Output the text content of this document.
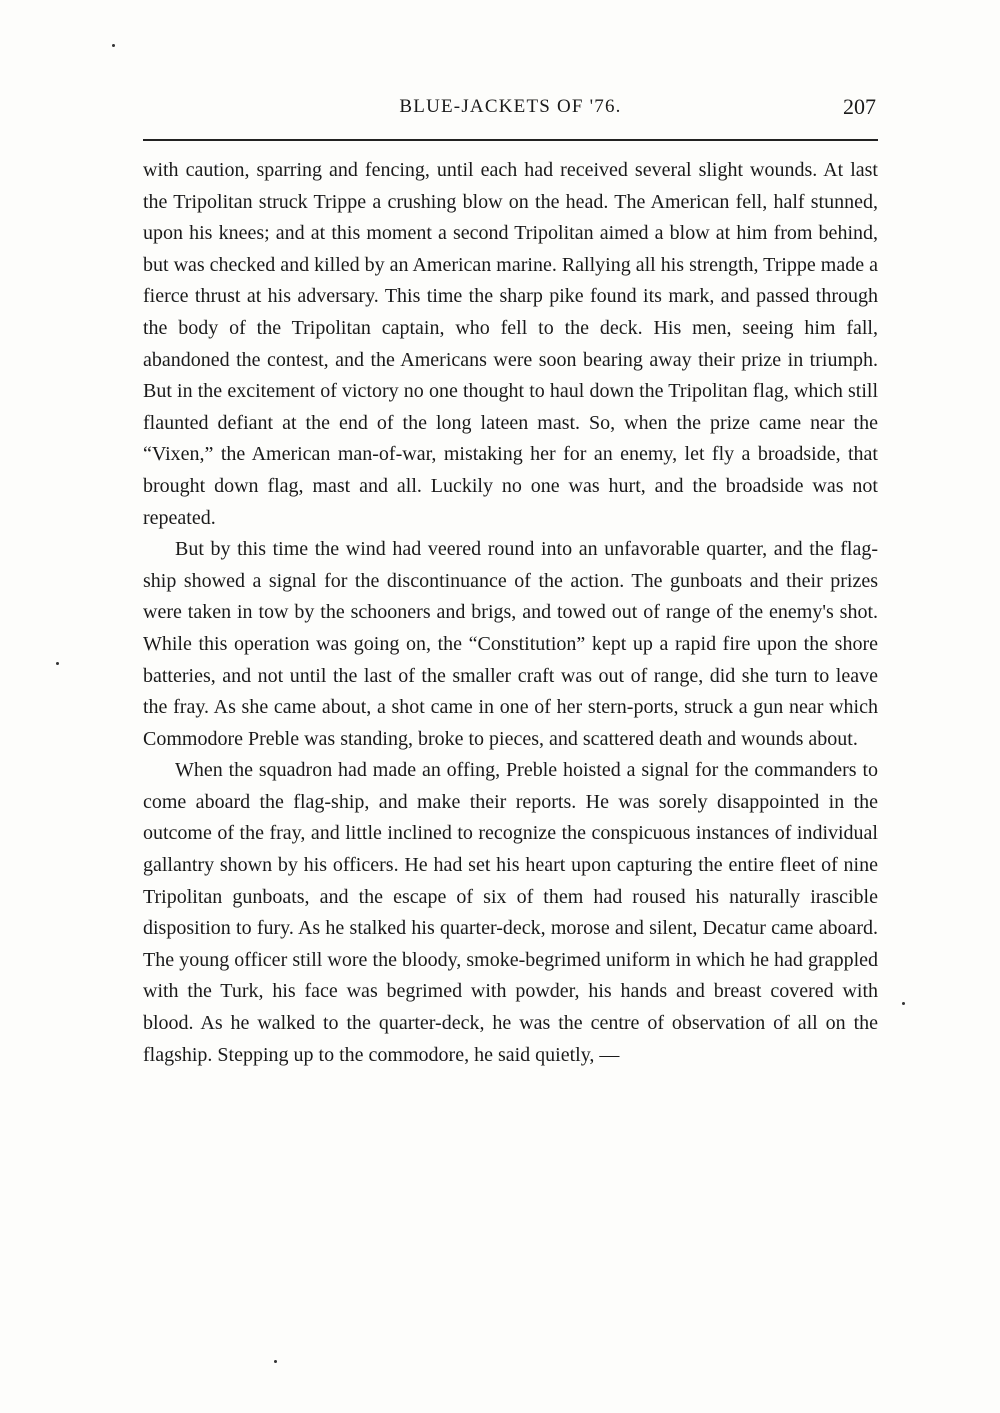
BLUE-JACKETS OF '76.	207

with caution, sparring and fencing, until each had received several slight wounds. At last the Tripolitan struck Trippe a crushing blow on the head. The American fell, half stunned, upon his knees; and at this moment a second Tripolitan aimed a blow at him from behind, but was checked and killed by an American marine. Rallying all his strength, Trippe made a fierce thrust at his adversary. This time the sharp pike found its mark, and passed through the body of the Tripolitan captain, who fell to the deck. His men, seeing him fall, abandoned the contest, and the Americans were soon bearing away their prize in triumph. But in the excitement of victory no one thought to haul down the Tripolitan flag, which still flaunted defiant at the end of the long lateen mast. So, when the prize came near the “Vixen,” the American man-of-war, mistaking her for an enemy, let fly a broadside, that brought down flag, mast and all. Luckily no one was hurt, and the broadside was not repeated.

But by this time the wind had veered round into an unfavorable quarter, and the flag-ship showed a signal for the discontinuance of the action. The gunboats and their prizes were taken in tow by the schooners and brigs, and towed out of range of the enemy's shot. While this operation was going on, the “Constitution” kept up a rapid fire upon the shore batteries, and not until the last of the smaller craft was out of range, did she turn to leave the fray. As she came about, a shot came in one of her stern-ports, struck a gun near which Commodore Preble was standing, broke to pieces, and scattered death and wounds about.

When the squadron had made an offing, Preble hoisted a signal for the commanders to come aboard the flag-ship, and make their reports. He was sorely disappointed in the outcome of the fray, and little inclined to recognize the conspicuous instances of individual gallantry shown by his officers. He had set his heart upon capturing the entire fleet of nine Tripolitan gunboats, and the escape of six of them had roused his naturally irascible disposition to fury. As he stalked his quarter-deck, morose and silent, Decatur came aboard. The young officer still wore the bloody, smoke-begrimed uniform in which he had grappled with the Turk, his face was begrimed with powder, his hands and breast covered with blood. As he walked to the quarter-deck, he was the centre of observation of all on the flagship. Stepping up to the commodore, he said quietly, —
